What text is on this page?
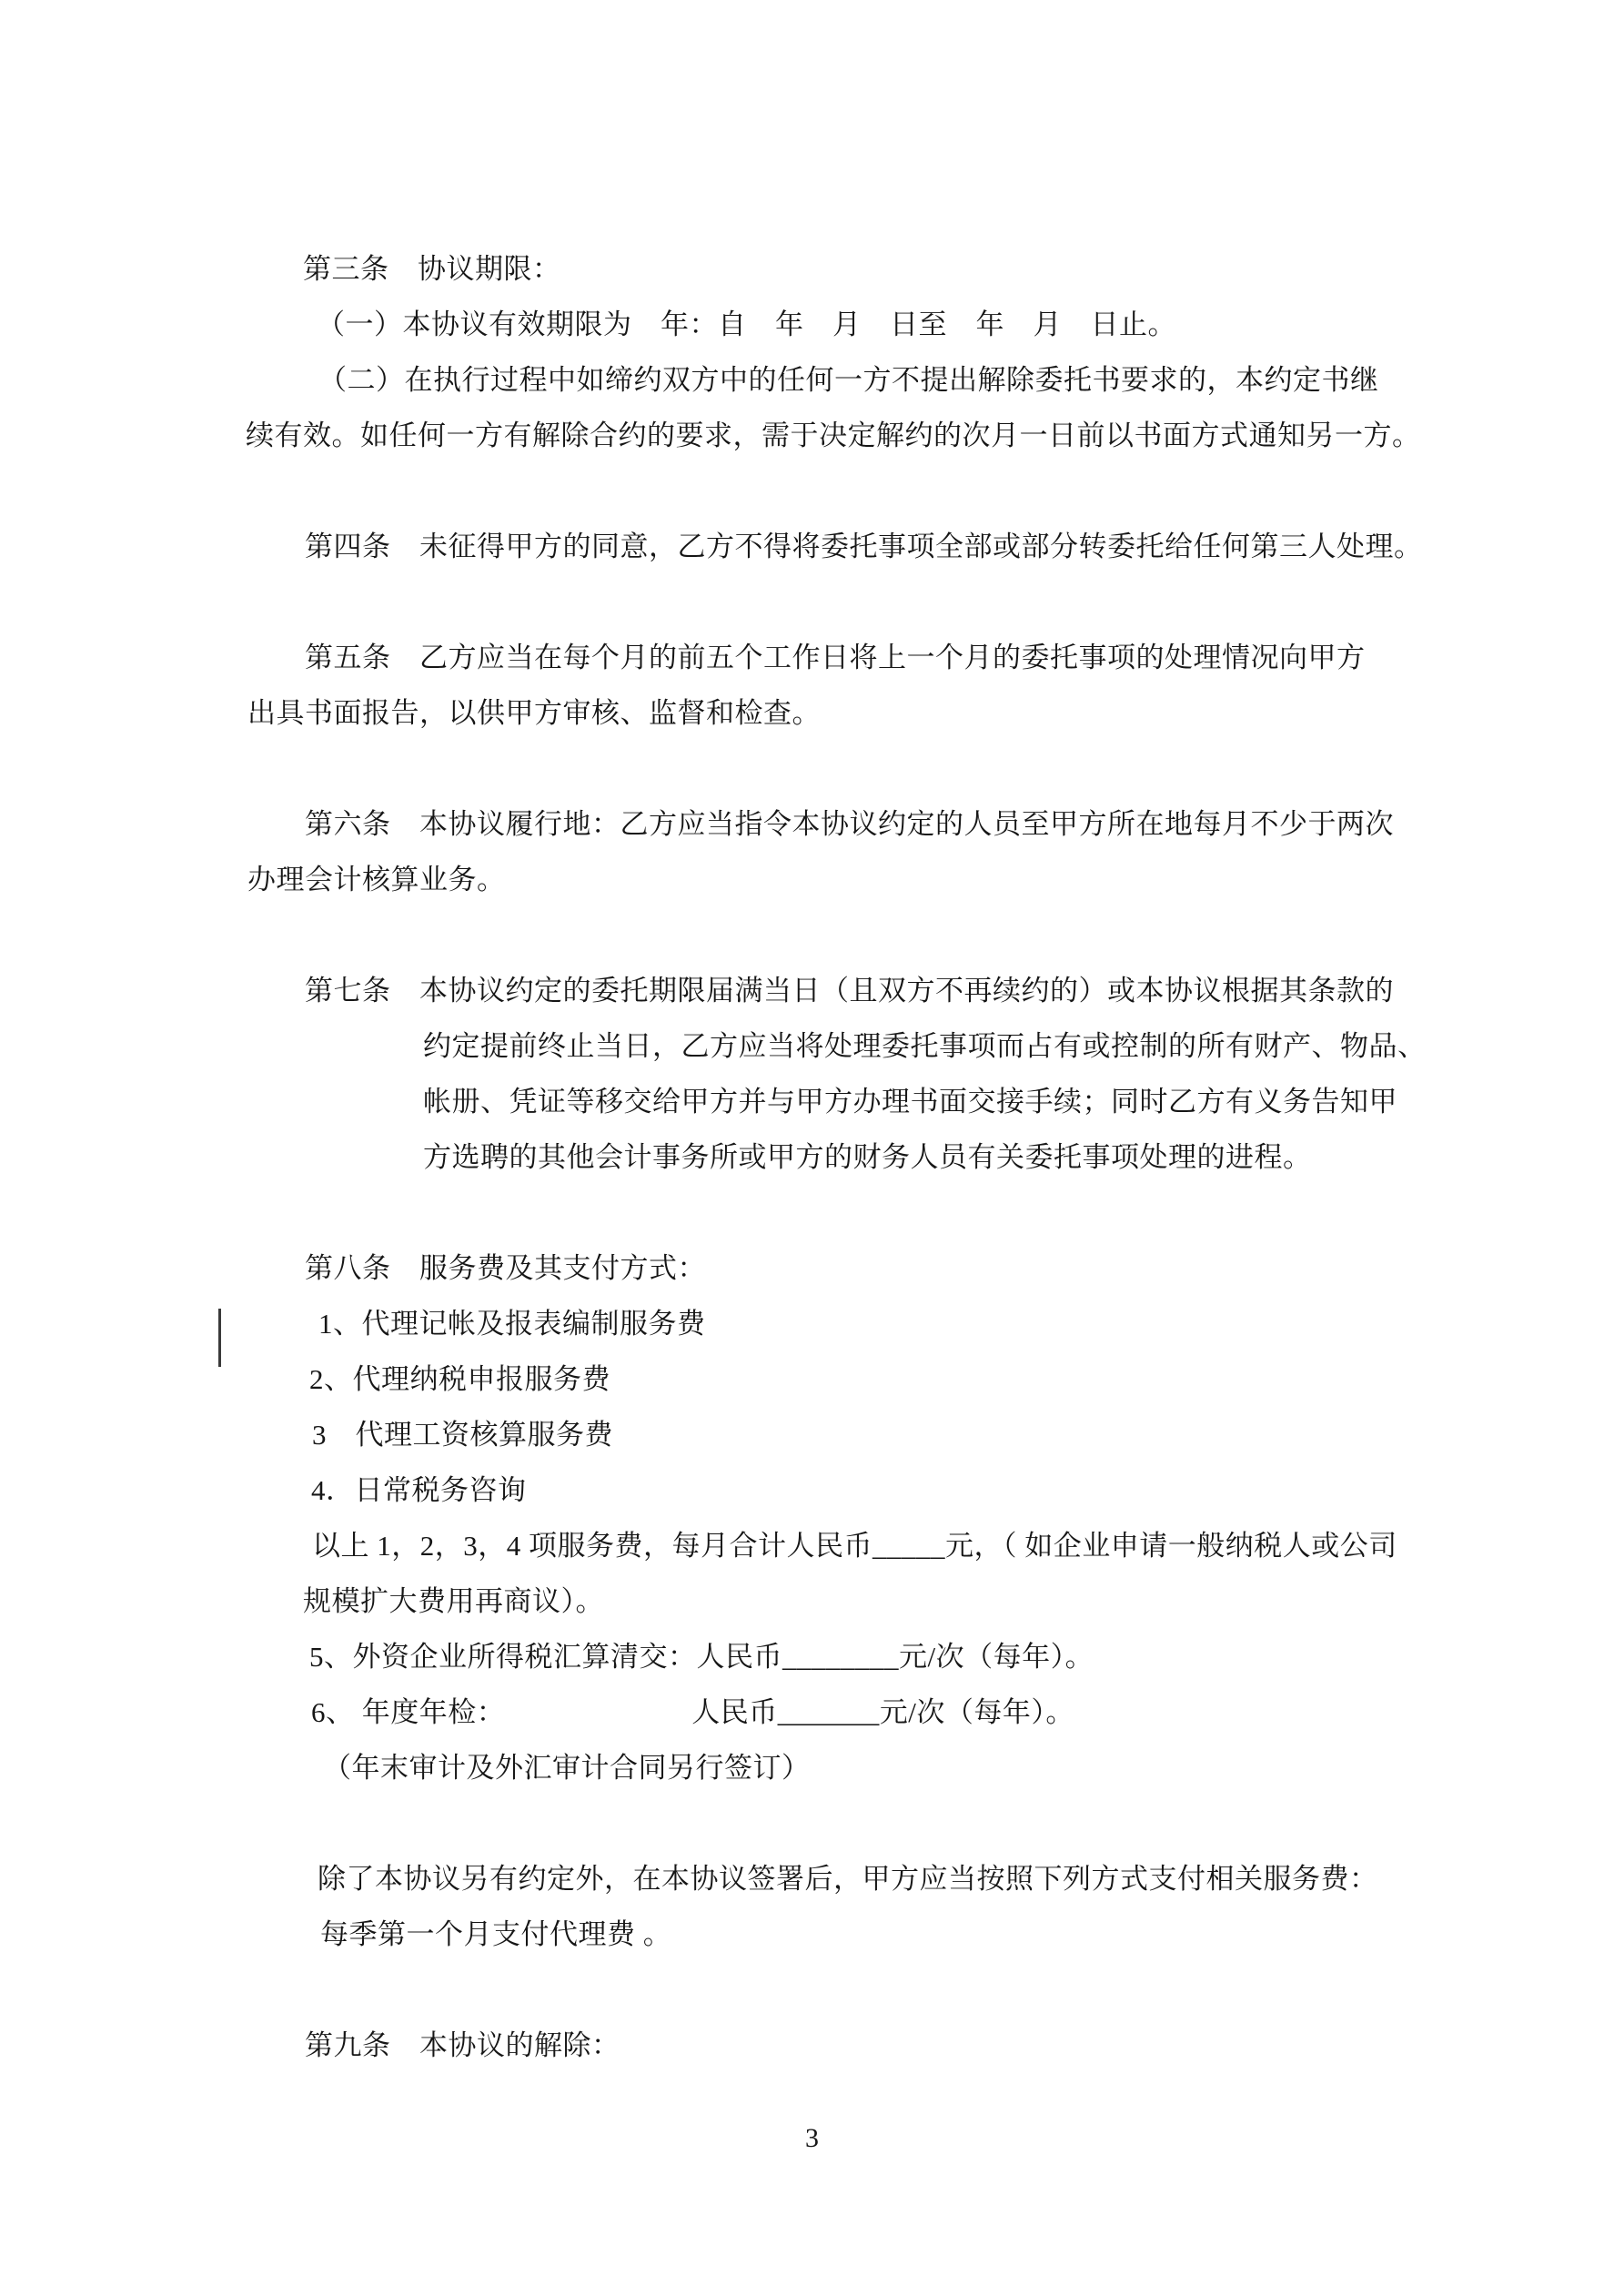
第三条　协议期限：
（一）本协议有效期限为　年：自　年　月　日至　年　月　日止。
（二）在执行过程中如缔约双方中的任何一方不提出解除委托书要求的，本约定书继
续有效。如任何一方有解除合约的要求，需于决定解约的次月一日前以书面方式通知另一方。
第四条　未征得甲方的同意，乙方不得将委托事项全部或部分转委托给任何第三人处理。
第五条　乙方应当在每个月的前五个工作日将上一个月的委托事项的处理情况向甲方
出具书面报告，以供甲方审核、监督和检查。
第六条　本协议履行地：乙方应当指令本协议约定的人员至甲方所在地每月不少于两次
办理会计核算业务。
第七条　本协议约定的委托期限届满当日（且双方不再续约的）或本协议根据其条款的
约定提前终止当日，乙方应当将处理委托事项而占有或控制的所有财产、物品、
帐册、凭证等移交给甲方并与甲方办理书面交接手续；同时乙方有义务告知甲
方选聘的其他会计事务所或甲方的财务人员有关委托事项处理的进程。
第八条　服务费及其支付方式：
1、代理记帐及报表编制服务费
2、代理纳税申报服务费
3　代理工资核算服务费
4．日常税务咨询
以上 1，2，3，4 项服务费，每月合计人民币_____元，（ 如企业申请一般纳税人或公司
规模扩大费用再商议）。
5、外资企业所得税汇算清交：人民币________元/次（每年）。
6、 年度年检：　　　　　　　人民币_______元/次（每年）。
（年末审计及外汇审计合同另行签订）
除了本协议另有约定外，在本协议签署后，甲方应当按照下列方式支付相关服务费：
每季第一个月支付代理费 。
第九条　本协议的解除：
3
